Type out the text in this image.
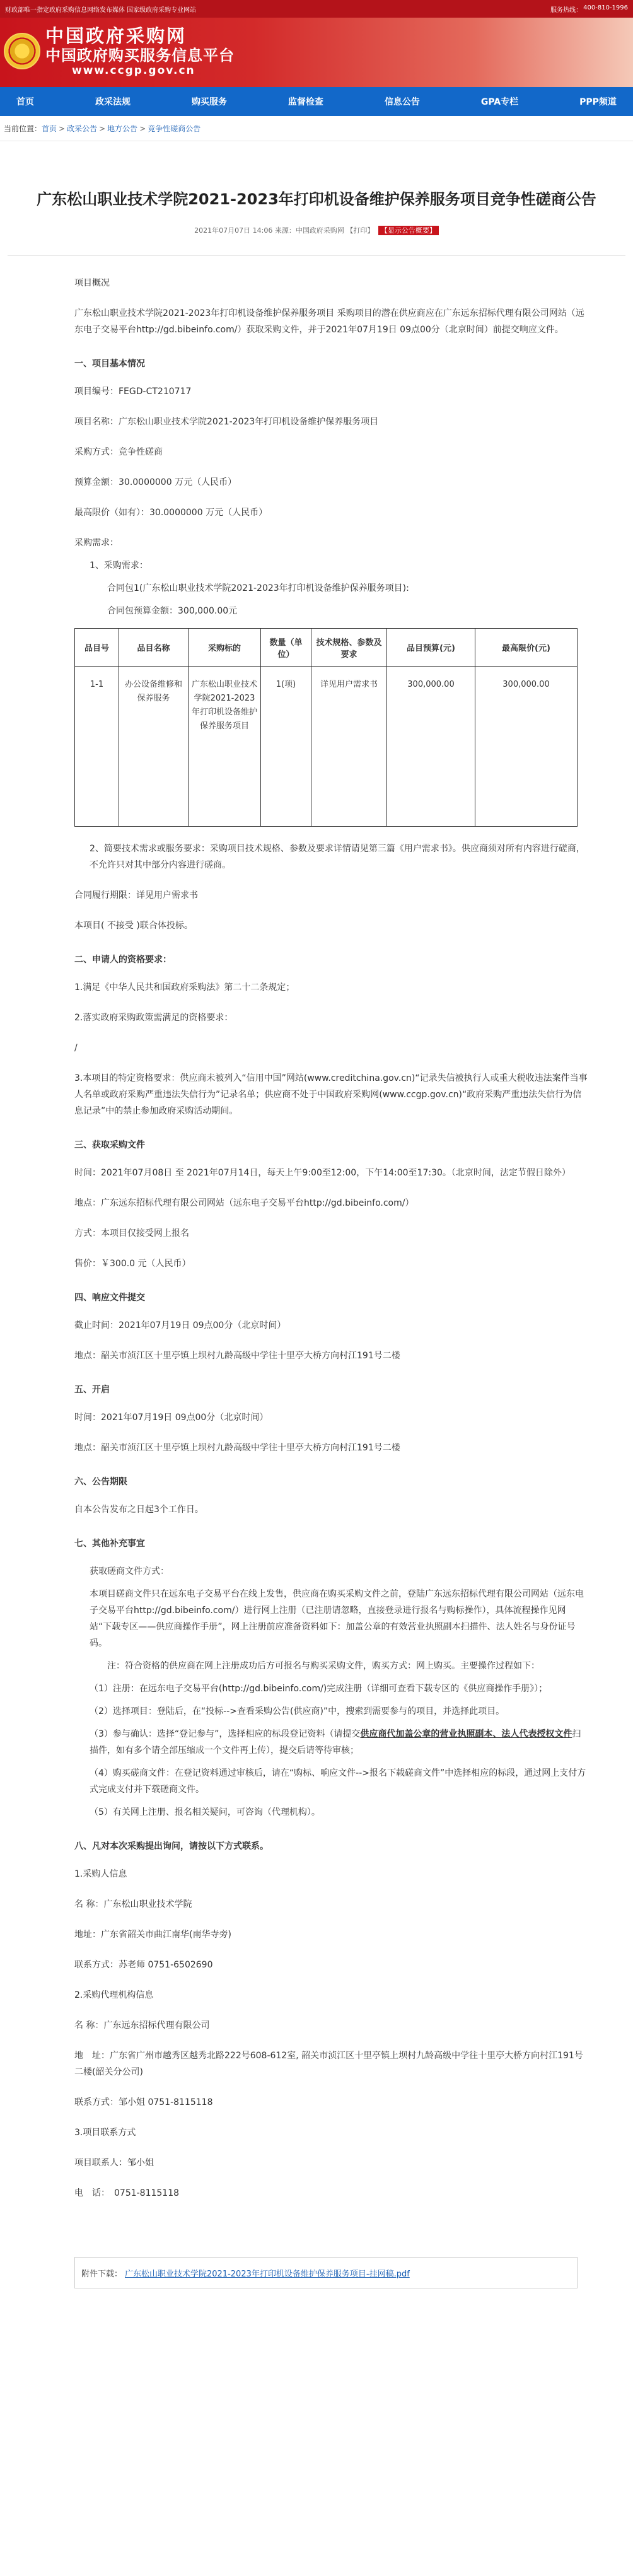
财政部唯一指定政府采购信息网络发布媒体 国家级政府采购专业网站	服务热线： 400-810-1996
中国政府采购网
中国政府购买服务信息平台
www.ccgp.gov.cn
首页	政采法规	购买服务	监督检查	信息公告	GPA专栏	PPP频道
当前位置： 首页 > 政采公告 > 地方公告 > 竞争性磋商公告
广东松山职业技术学院2021-2023年打印机设备维护保养服务项目竞争性磋商公告
2021年07月07日 14:06 来源：中国政府采购网 【打印】 【显示公告概要】
项目概况
广东松山职业技术学院2021-2023年打印机设备维护保养服务项目 采购项目的潜在供应商应在广东远东招标代理有限公司网站（远东电子交易平台http://gd.bibeinfo.com/）获取采购文件，并于2021年07月19日 09点00分（北京时间）前提交响应文件。
一、项目基本情况
项目编号：FEGD-CT210717
项目名称：广东松山职业技术学院2021-2023年打印机设备维护保养服务项目
采购方式：竞争性磋商
预算金额：30.0000000 万元（人民币）
最高限价（如有）：30.0000000 万元（人民币）
采购需求：
1、采购需求：
合同包1(广东松山职业技术学院2021-2023年打印机设备维护保养服务项目):
合同包预算金额：300,000.00元
品目号	品目名称	采购标的	数量（单位）	技术规格、参数及要求	品目预算(元)	最高限价(元)
1-1	办公设备维修和保养服务	广东松山职业技术学院2021-2023年打印机设备维护保养服务项目	1(项)	详见用户需求书	300,000.00	300,000.00
2、简要技术需求或服务要求：采购项目技术规格、参数及要求详情请见第三篇《用户需求书》。供应商须对所有内容进行磋商，不允许只对其中部分内容进行磋商。
合同履行期限：详见用户需求书
本项目( 不接受 )联合体投标。
二、申请人的资格要求：
1.满足《中华人民共和国政府采购法》第二十二条规定；
2.落实政府采购政策需满足的资格要求：
/
3.本项目的特定资格要求：供应商未被列入“信用中国”网站(www.creditchina.gov.cn)“记录失信被执行人或重大税收违法案件当事人名单或政府采购严重违法失信行为”记录名单；供应商不处于中国政府采购网(www.ccgp.gov.cn)“政府采购严重违法失信行为信息记录”中的禁止参加政府采购活动期间。
三、获取采购文件
时间：2021年07月08日 至 2021年07月14日，每天上午9:00至12:00，下午14:00至17:30。（北京时间，法定节假日除外）
地点：广东远东招标代理有限公司网站（远东电子交易平台http://gd.bibeinfo.com/）
方式：本项目仅接受网上报名
售价：￥300.0 元（人民币）
四、响应文件提交
截止时间：2021年07月19日 09点00分（北京时间）
地点：韶关市浈江区十里亭镇上坝村九龄高级中学往十里亭大桥方向村江191号二楼
五、开启
时间：2021年07月19日 09点00分（北京时间）
地点：韶关市浈江区十里亭镇上坝村九龄高级中学往十里亭大桥方向村江191号二楼
六、公告期限
自本公告发布之日起3个工作日。
七、其他补充事宜
获取磋商文件方式：
本项目磋商文件只在远东电子交易平台在线上发售，供应商在购买采购文件之前，登陆广东远东招标代理有限公司网站（远东电子交易平台http://gd.bibeinfo.com/）进行网上注册（已注册请忽略，直接登录进行报名与购标操作），具体流程操作见网站“下载专区——供应商操作手册”，网上注册前应准备资料如下：加盖公章的有效营业执照副本扫描件、法人姓名与身份证号码。
注：符合资格的供应商在网上注册成功后方可报名与购买采购文件，购买方式：网上购买。主要操作过程如下：
（1）注册：在远东电子交易平台(http://gd.bibeinfo.com/)完成注册（详细可查看下载专区的《供应商操作手册》）；
（2）选择项目：登陆后，在“投标-->查看采购公告(供应商)”中，搜索到需要参与的项目，并选择此项目。
（3）参与确认：选择“登记参与”，选择相应的标段登记资料（请提交供应商代加盖公章的营业执照副本、法人代表授权文件扫描件，如有多个请全部压缩成一个文件再上传），提交后请等待审核；
（4）购买磋商文件：在登记资料通过审核后，请在“购标、响应文件-->报名下载磋商文件”中选择相应的标段，通过网上支付方式完成支付并下载磋商文件。
（5）有关网上注册、报名相关疑问，可咨询（代理机构）。
八、凡对本次采购提出询问，请按以下方式联系。
1.采购人信息
名 称：广东松山职业技术学院
地址：广东省韶关市曲江南华(南华寺旁)
联系方式：苏老师 0751-6502690
2.采购代理机构信息
名 称：广东远东招标代理有限公司
地　址：广东省广州市越秀区越秀北路222号608-612室, 韶关市浈江区十里亭镇上坝村九龄高级中学往十里亭大桥方向村江191号二楼(韶关分公司)
联系方式：邹小姐 0751-8115118
3.项目联系方式
项目联系人：邹小姐
电　话：　0751-8115118
附件下载： 广东松山职业技术学院2021-2023年打印机设备维护保养服务项目-挂网稿.pdf
